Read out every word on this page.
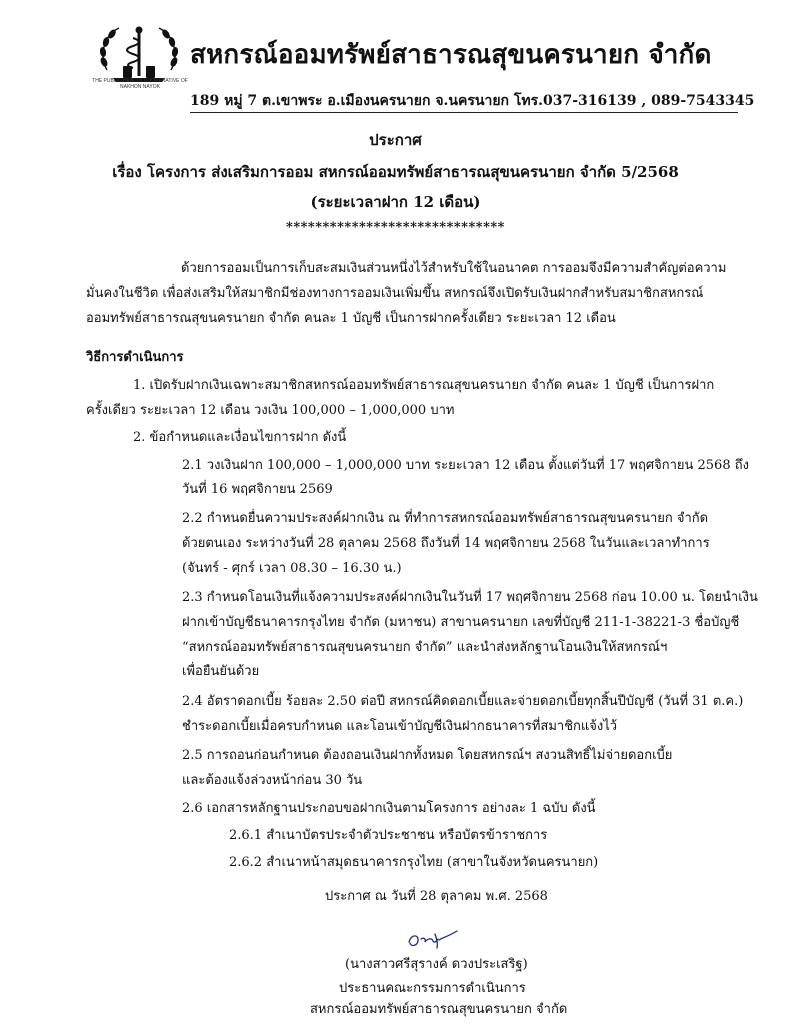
THE PUBLIC HEALTH COOPERATIVE OF NAKHON NAYOK
สหกรณ์ออมทรัพย์สาธารณสุขนครนายก จำกัด
189 หมู่ 7 ต.เขาพระ อ.เมืองนครนายก จ.นครนายก โทร.037-316139 , 089-7543345
ประกาศ
เรื่อง โครงการ ส่งเสริมการออม สหกรณ์ออมทรัพย์สาธารณสุขนครนายก จำกัด 5/2568
(ระยะเวลาฝาก 12 เดือน)
******************************
ด้วยการออมเป็นการเก็บสะสมเงินส่วนหนึ่งไว้สำหรับใช้ในอนาคต การออมจึงมีความสำคัญต่อความ
มั่นคงในชีวิต เพื่อส่งเสริมให้สมาชิกมีช่องทางการออมเงินเพิ่มขึ้น สหกรณ์จึงเปิดรับเงินฝากสำหรับสมาชิกสหกรณ์
ออมทรัพย์สาธารณสุขนครนายก จำกัด คนละ 1 บัญชี เป็นการฝากครั้งเดียว ระยะเวลา 12 เดือน
วิธีการดำเนินการ
1. เปิดรับฝากเงินเฉพาะสมาชิกสหกรณ์ออมทรัพย์สาธารณสุขนครนายก จำกัด คนละ 1 บัญชี เป็นการฝาก
ครั้งเดียว ระยะเวลา 12 เดือน วงเงิน 100,000 – 1,000,000 บาท
2. ข้อกำหนดและเงื่อนไขการฝาก ดังนี้
2.1 วงเงินฝาก 100,000 – 1,000,000 บาท ระยะเวลา 12 เดือน ตั้งแต่วันที่ 17 พฤศจิกายน 2568 ถึง
วันที่ 16 พฤศจิกายน 2569
2.2 กำหนดยื่นความประสงค์ฝากเงิน ณ ที่ทำการสหกรณ์ออมทรัพย์สาธารณสุขนครนายก จำกัด
ด้วยตนเอง ระหว่างวันที่ 28 ตุลาคม 2568 ถึงวันที่ 14 พฤศจิกายน 2568 ในวันและเวลาทำการ
(จันทร์ - ศุกร์ เวลา 08.30 – 16.30 น.)
2.3 กำหนดโอนเงินที่แจ้งความประสงค์ฝากเงินในวันที่ 17 พฤศจิกายน 2568 ก่อน 10.00 น. โดยนำเงิน
ฝากเข้าบัญชีธนาคารกรุงไทย จำกัด (มหาชน) สาขานครนายก เลขที่บัญชี 211-1-38221-3 ชื่อบัญชี
“สหกรณ์ออมทรัพย์สาธารณสุขนครนายก จำกัด” และนำส่งหลักฐานโอนเงินให้สหกรณ์ฯ
เพื่อยืนยันด้วย
2.4 อัตราดอกเบี้ย ร้อยละ 2.50 ต่อปี สหกรณ์คิดดอกเบี้ยและจ่ายดอกเบี้ยทุกสิ้นปีบัญชี (วันที่ 31 ต.ค.)
ชำระดอกเบี้ยเมื่อครบกำหนด และโอนเข้าบัญชีเงินฝากธนาคารที่สมาชิกแจ้งไว้
2.5 การถอนก่อนกำหนด ต้องถอนเงินฝากทั้งหมด โดยสหกรณ์ฯ สงวนสิทธิ์ไม่จ่ายดอกเบี้ย
และต้องแจ้งล่วงหน้าก่อน 30 วัน
2.6 เอกสารหลักฐานประกอบขอฝากเงินตามโครงการ อย่างละ 1 ฉบับ ดังนี้
2.6.1 สำเนาบัตรประจำตัวประชาชน หรือบัตรข้าราชการ
2.6.2 สำเนาหน้าสมุดธนาคารกรุงไทย (สาขาในจังหวัดนครนายก)
ประกาศ ณ วันที่ 28 ตุลาคม พ.ศ. 2568
(นางสาวศรีสุรางค์ ดวงประเสริฐ)
ประธานคณะกรรมการดำเนินการ
สหกรณ์ออมทรัพย์สาธารณสุขนครนายก จำกัด
